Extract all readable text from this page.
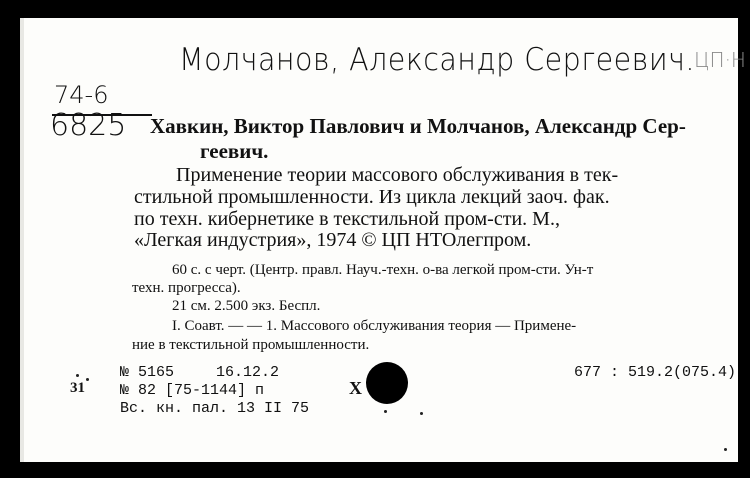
Молчанов, Александр Сергеевич. ЦП·Н
74-6
6825 Хавкин, Виктор Павлович и Молчанов, Александр Сер-
геевич.
Применение теории массового обслуживания в тек-
стильной промышленности. Из цикла лекций заоч. фак.
по техн. кибернетике в текстильной пром-сти. М.,
«Легкая индустрия», 1974 © ЦП НТОлегпром.
60 с. с черт. (Центр. правл. Науч.-техн. о-ва легкой пром-сти. Ун-т
техн. прогресса).
21 см. 2.500 экз. Беспл.
I. Соавт. — — 1. Массового обслуживания теория — Примене-
ние в текстильной промышленности.
№ 5165	16.12.2	677 : 519.2(075.4)
31 № 82 [75-1144] п
Вс. кн. пал. 13 II 75
Х
